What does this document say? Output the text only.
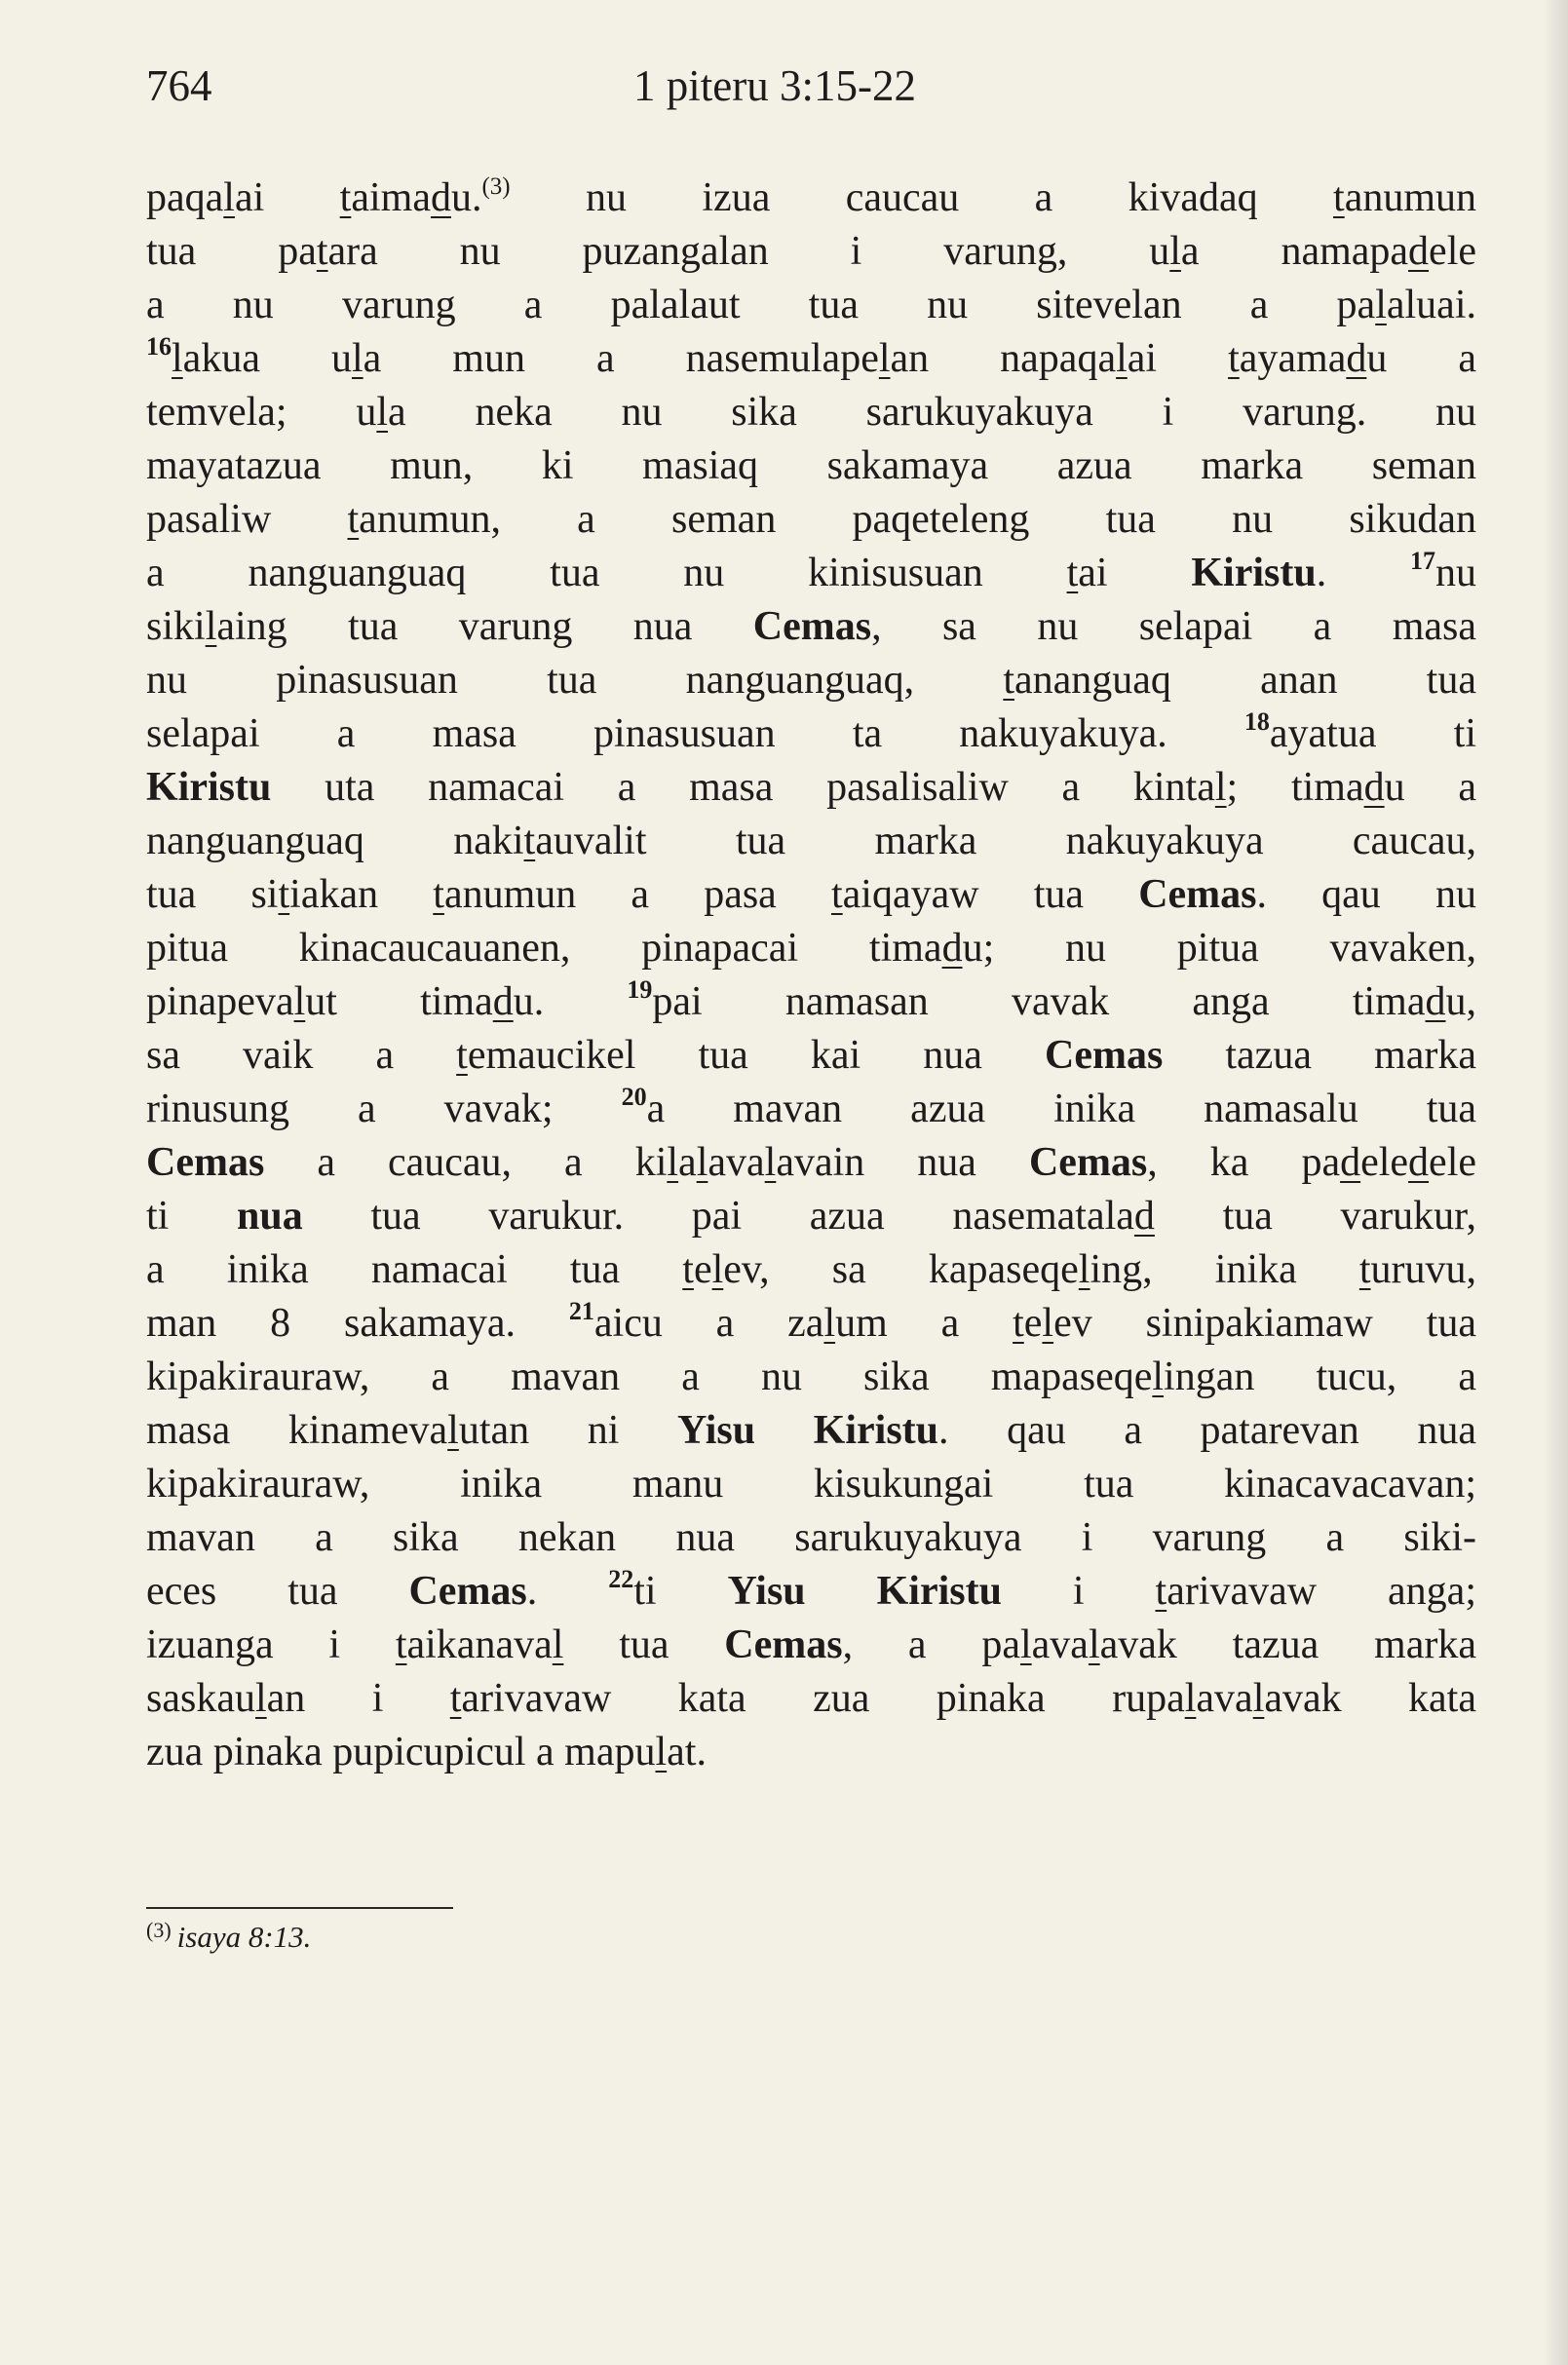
764	1 piteru 3:15-22
paqalai taimadu.$^{(3)}$ nu izua caucau a kivadaq tanumun
tua patara nu puzangalan i varung, ula namapadele
a nu varung a palalaut tua nu sitevelan a palaluai.
$^{16}$lakua ula mun a nasemulapelan napaqalai tayamadu a
temvela; ula neka nu sika sarukuyakuya i varung. nu
mayatazua mun, ki masiaq sakamaya azua marka seman
pasaliw tanumun, a seman paqeteleng tua nu sikudan
a nanguanguaq tua nu kinisusuan tai Kiristu. $^{17}$nu
sikilaing tua varung nua Cemas, sa nu selapai a masa
nu pinasusuan tua nanguanguaq, tananguaq anan tua
selapai a masa pinasusuan ta nakuyakuya. $^{18}$ayatua ti
Kiristu uta namacai a masa pasalisaliw a kintal; timadu a
nanguanguaq nakitauvalit tua marka nakuyakuya caucau,
tua sitiakan tanumun a pasa taiqayaw tua Cemas. qau nu
pitua kinacaucauanen, pinapacai timadu; nu pitua vavaken,
pinapevalut timadu. $^{19}$pai namasan vavak anga timadu,
sa vaik a temaucikel tua kai nua Cemas tazua marka
rinusung a vavak; $^{20}$a mavan azua inika namasalu tua
Cemas a caucau, a kilalavalavain nua Cemas, ka padeledele
ti nua tua varukur. pai azua nasematalad tua varukur,
a inika namacai tua telev, sa kapaseqeling, inika turuvu,
man 8 sakamaya. $^{21}$aicu a zalum a telev sinipakiamaw tua
kipakirauraw, a mavan a nu sika mapaseqelingan tucu, a
masa kinamevalutan ni Yisu Kiristu. qau a patarevan nua
kipakirauraw, inika manu kisukungai tua kinacavacavan;
mavan a sika nekan nua sarukuyakuya i varung a siki-
eces tua Cemas. $^{22}$ti Yisu Kiristu i tarivavaw anga;
izuanga i taikanaval tua Cemas, a palavalavak tazua marka
saskaulan i tarivavaw kata zua pinaka rupalavalavak kata
zua pinaka pupicupicul a mapulat.
$^{(3)}$ isaya 8:13.
